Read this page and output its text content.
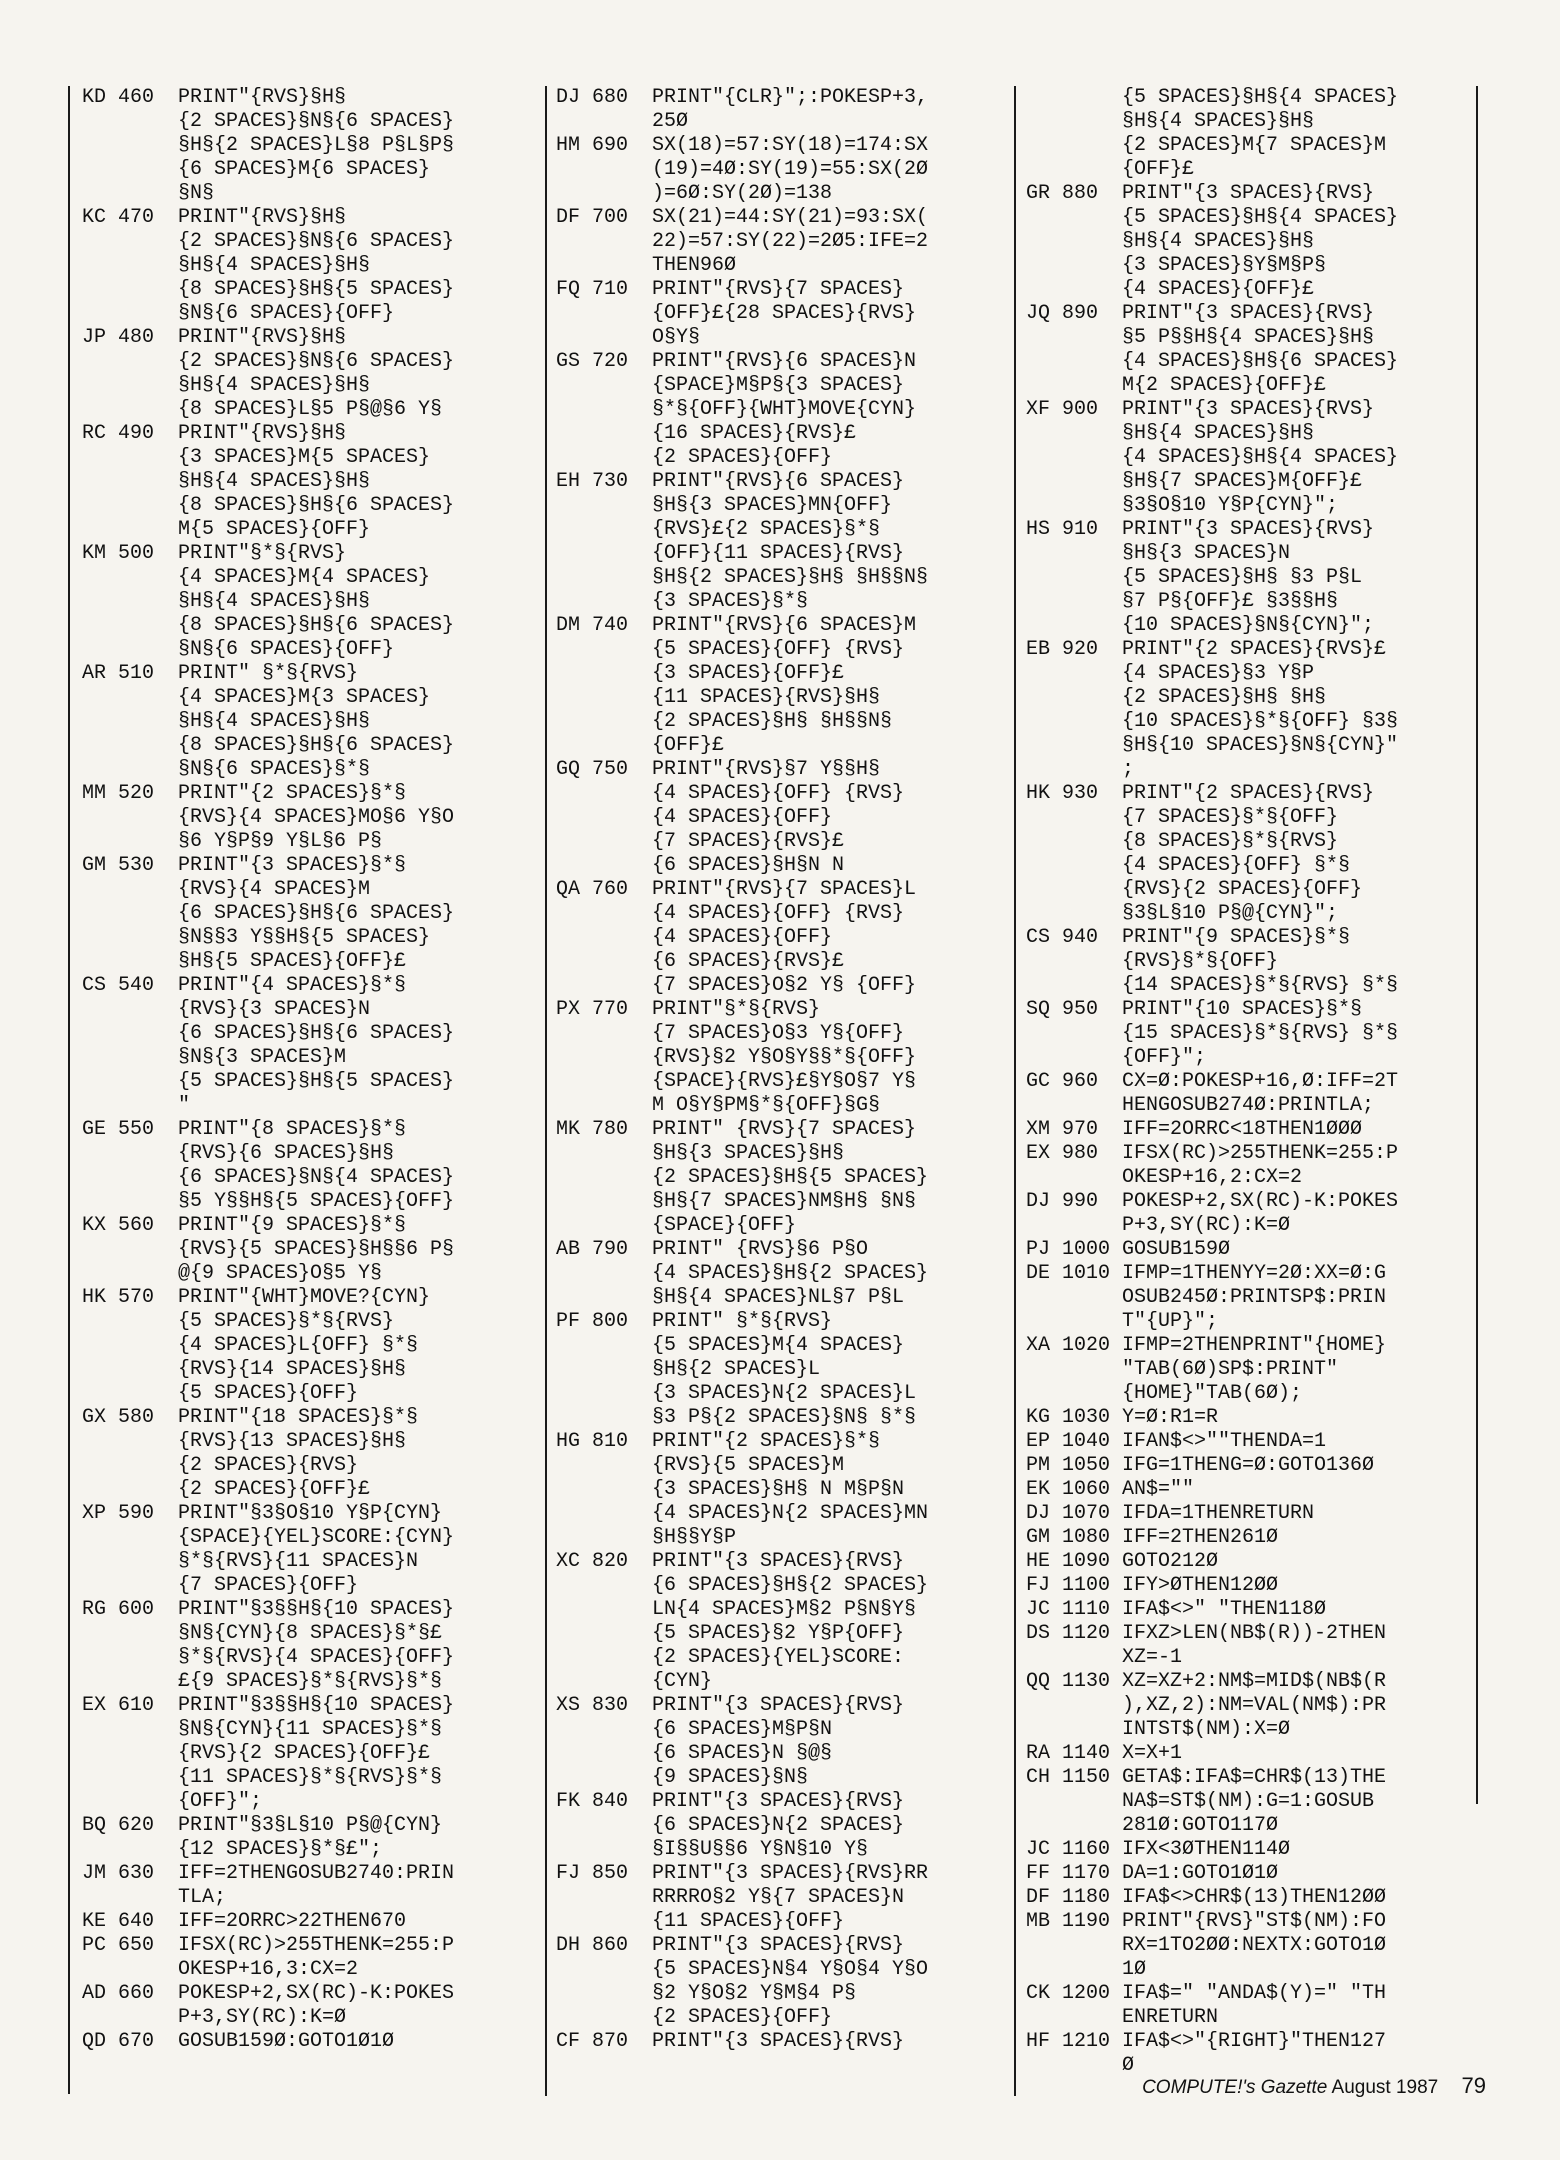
KD 460	PRINT"{RVS}§H§
{2 SPACES}§N§{6 SPACES}
§H§{2 SPACES}L§8 P§L§P§
{6 SPACES}M{6 SPACES}
§N§
KC 470	PRINT"{RVS}§H§
{2 SPACES}§N§{6 SPACES}
§H§{4 SPACES}§H§
{8 SPACES}§H§{5 SPACES}
§N§{6 SPACES}{OFF}
JP 480	PRINT"{RVS}§H§
{2 SPACES}§N§{6 SPACES}
§H§{4 SPACES}§H§
{8 SPACES}L§5 P§@§6 Y§
RC 490	PRINT"{RVS}§H§
{3 SPACES}M{5 SPACES}
§H§{4 SPACES}§H§
{8 SPACES}§H§{6 SPACES}
M{5 SPACES}{OFF}
KM 500	PRINT"§*§{RVS}
{4 SPACES}M{4 SPACES}
§H§{4 SPACES}§H§
{8 SPACES}§H§{6 SPACES}
§N§{6 SPACES}{OFF}
AR 510	PRINT" §*§{RVS}
{4 SPACES}M{3 SPACES}
§H§{4 SPACES}§H§
{8 SPACES}§H§{6 SPACES}
§N§{6 SPACES}§*§
MM 520	PRINT"{2 SPACES}§*§
{RVS}{4 SPACES}MO§6 Y§O
§6 Y§P§9 Y§L§6 P§
GM 530	PRINT"{3 SPACES}§*§
{RVS}{4 SPACES}M
{6 SPACES}§H§{6 SPACES}
§N§§3 Y§§H§{5 SPACES}
§H§{5 SPACES}{OFF}£
CS 540	PRINT"{4 SPACES}§*§
{RVS}{3 SPACES}N
{6 SPACES}§H§{6 SPACES}
§N§{3 SPACES}M
{5 SPACES}§H§{5 SPACES}
"
GE 550	PRINT"{8 SPACES}§*§
{RVS}{6 SPACES}§H§
{6 SPACES}§N§{4 SPACES}
§5 Y§§H§{5 SPACES}{OFF}
KX 560	PRINT"{9 SPACES}§*§
{RVS}{5 SPACES}§H§§6 P§
@{9 SPACES}O§5 Y§
HK 570	PRINT"{WHT}MOVE?{CYN}
{5 SPACES}§*§{RVS}
{4 SPACES}L{OFF} §*§
{RVS}{14 SPACES}§H§
{5 SPACES}{OFF}
GX 580	PRINT"{18 SPACES}§*§
{RVS}{13 SPACES}§H§
{2 SPACES}{RVS}
{2 SPACES}{OFF}£
XP 590	PRINT"§3§O§10 Y§P{CYN}
{SPACE}{YEL}SCORE:{CYN}
§*§{RVS}{11 SPACES}N
{7 SPACES}{OFF}
RG 600	PRINT"§3§§H§{10 SPACES}
§N§{CYN}{8 SPACES}§*§£
§*§{RVS}{4 SPACES}{OFF}
£{9 SPACES}§*§{RVS}§*§
EX 610	PRINT"§3§§H§{10 SPACES}
§N§{CYN}{11 SPACES}§*§
{RVS}{2 SPACES}{OFF}£
{11 SPACES}§*§{RVS}§*§
{OFF}";
BQ 620	PRINT"§3§L§10 P§@{CYN}
{12 SPACES}§*§£";
JM 630	IFF=2THENGOSUB2740:PRIN
TLA;
KE 640	IFF=2ORRC>22THEN670
PC 650	IFSX(RC)>255THENK=255:P
OKESP+16,3:CX=2
AD 660	POKESP+2,SX(RC)-K:POKES
P+3,SY(RC):K=Ø
QD 670	GOSUB159Ø:GOTO1Ø1Ø
DJ 680	PRINT"{CLR}";:POKESP+3,
25Ø
HM 690	SX(18)=57:SY(18)=174:SX
(19)=4Ø:SY(19)=55:SX(2Ø
)=6Ø:SY(2Ø)=138
DF 700	SX(21)=44:SY(21)=93:SX(
22)=57:SY(22)=2Ø5:IFE=2
THEN96Ø
FQ 710	PRINT"{RVS}{7 SPACES}
{OFF}£{28 SPACES}{RVS}
O§Y§
GS 720	PRINT"{RVS}{6 SPACES}N
{SPACE}M§P§{3 SPACES}
§*§{OFF}{WHT}MOVE{CYN}
{16 SPACES}{RVS}£
{2 SPACES}{OFF}
EH 730	PRINT"{RVS}{6 SPACES}
§H§{3 SPACES}MN{OFF}
{RVS}£{2 SPACES}§*§
{OFF}{11 SPACES}{RVS}
§H§{2 SPACES}§H§ §H§§N§
{3 SPACES}§*§
DM 740	PRINT"{RVS}{6 SPACES}M
{5 SPACES}{OFF} {RVS}
{3 SPACES}{OFF}£
{11 SPACES}{RVS}§H§
{2 SPACES}§H§ §H§§N§
{OFF}£
GQ 750	PRINT"{RVS}§7 Y§§H§
{4 SPACES}{OFF} {RVS}
{4 SPACES}{OFF}
{7 SPACES}{RVS}£
{6 SPACES}§H§N N
QA 760	PRINT"{RVS}{7 SPACES}L
{4 SPACES}{OFF} {RVS}
{4 SPACES}{OFF}
{6 SPACES}{RVS}£
{7 SPACES}O§2 Y§ {OFF}
PX 770	PRINT"§*§{RVS}
{7 SPACES}O§3 Y§{OFF}
{RVS}§2 Y§O§Y§§*§{OFF}
{SPACE}{RVS}£§Y§O§7 Y§
M O§Y§PM§*§{OFF}§G§
MK 780	PRINT" {RVS}{7 SPACES}
§H§{3 SPACES}§H§
{2 SPACES}§H§{5 SPACES}
§H§{7 SPACES}NM§H§ §N§
{SPACE}{OFF}
AB 790	PRINT" {RVS}§6 P§O
{4 SPACES}§H§{2 SPACES}
§H§{4 SPACES}NL§7 P§L
PF 800	PRINT" §*§{RVS}
{5 SPACES}M{4 SPACES}
§H§{2 SPACES}L
{3 SPACES}N{2 SPACES}L
§3 P§{2 SPACES}§N§ §*§
HG 810	PRINT"{2 SPACES}§*§
{RVS}{5 SPACES}M
{3 SPACES}§H§ N M§P§N
{4 SPACES}N{2 SPACES}MN
§H§§Y§P
XC 820	PRINT"{3 SPACES}{RVS}
{6 SPACES}§H§{2 SPACES}
LN{4 SPACES}M§2 P§N§Y§
{5 SPACES}§2 Y§P{OFF}
{2 SPACES}{YEL}SCORE:
{CYN}
XS 830	PRINT"{3 SPACES}{RVS}
{6 SPACES}M§P§N
{6 SPACES}N §@§
{9 SPACES}§N§
FK 840	PRINT"{3 SPACES}{RVS}
{6 SPACES}N{2 SPACES}
§I§§U§§6 Y§N§10 Y§
FJ 850	PRINT"{3 SPACES}{RVS}RR
RRRRO§2 Y§{7 SPACES}N
{11 SPACES}{OFF}
DH 860	PRINT"{3 SPACES}{RVS}
{5 SPACES}N§4 Y§O§4 Y§O
§2 Y§O§2 Y§M§4 P§
{2 SPACES}{OFF}
CF 870	PRINT"{3 SPACES}{RVS}
{5 SPACES}§H§{4 SPACES}
§H§{4 SPACES}§H§
{2 SPACES}M{7 SPACES}M
{OFF}£
GR 880	PRINT"{3 SPACES}{RVS}
{5 SPACES}§H§{4 SPACES}
§H§{4 SPACES}§H§
{3 SPACES}§Y§M§P§
{4 SPACES}{OFF}£
JQ 890	PRINT"{3 SPACES}{RVS}
§5 P§§H§{4 SPACES}§H§
{4 SPACES}§H§{6 SPACES}
M{2 SPACES}{OFF}£
XF 900	PRINT"{3 SPACES}{RVS}
§H§{4 SPACES}§H§
{4 SPACES}§H§{4 SPACES}
§H§{7 SPACES}M{OFF}£
§3§O§10 Y§P{CYN}";
HS 910	PRINT"{3 SPACES}{RVS}
§H§{3 SPACES}N
{5 SPACES}§H§ §3 P§L
§7 P§{OFF}£ §3§§H§
{10 SPACES}§N§{CYN}";
EB 920	PRINT"{2 SPACES}{RVS}£
{4 SPACES}§3 Y§P
{2 SPACES}§H§ §H§
{10 SPACES}§*§{OFF} §3§
§H§{10 SPACES}§N§{CYN}"
;
HK 930	PRINT"{2 SPACES}{RVS}
{7 SPACES}§*§{OFF}
{8 SPACES}§*§{RVS}
{4 SPACES}{OFF} §*§
{RVS}{2 SPACES}{OFF}
§3§L§10 P§@{CYN}";
CS 940	PRINT"{9 SPACES}§*§
{RVS}§*§{OFF}
{14 SPACES}§*§{RVS} §*§
SQ 950	PRINT"{10 SPACES}§*§
{15 SPACES}§*§{RVS} §*§
{OFF}";
GC 960	CX=Ø:POKESP+16,Ø:IFF=2T
HENGOSUB274Ø:PRINTLA;
XM 970	IFF=2ORRC<18THEN1ØØØ
EX 980	IFSX(RC)>255THENK=255:P
OKESP+16,2:CX=2
DJ 990	POKESP+2,SX(RC)-K:POKES
P+3,SY(RC):K=Ø
PJ 1000 GOSUB159Ø
DE 1010 IFMP=1THENYY=2Ø:XX=Ø:G
OSUB245Ø:PRINTSP$:PRIN
T"{UP}";
XA 1020 IFMP=2THENPRINT"{HOME}
"TAB(6Ø)SP$:PRINT"
{HOME}"TAB(6Ø);
KG 1030 Y=Ø:R1=R
EP 1040 IFAN$<>""THENDA=1
PM 1050 IFG=1THENG=Ø:GOTO136Ø
EK 1060 AN$=""
DJ 1070 IFDA=1THENRETURN
GM 1080 IFF=2THEN261Ø
HE 1090 GOTO212Ø
FJ 1100 IFY>ØTHEN12ØØ
JC 1110 IFA$<>" "THEN118Ø
DS 1120 IFXZ>LEN(NB$(R))-2THEN
XZ=-1
QQ 1130 XZ=XZ+2:NM$=MID$(NB$(R
),XZ,2):NM=VAL(NM$):PR
INTST$(NM):X=Ø
RA 1140 X=X+1
CH 1150 GETA$:IFA$=CHR$(13)THE
NA$=ST$(NM):G=1:GOSUB
281Ø:GOTO117Ø
JC 1160 IFX<3ØTHEN114Ø
FF 1170 DA=1:GOTO1Ø1Ø
DF 1180 IFA$<>CHR$(13)THEN12ØØ
MB 1190 PRINT"{RVS}"ST$(NM):FO
RX=1TO2ØØ:NEXTX:GOTO1Ø
1Ø
CK 1200 IFA$=" "ANDA$(Y)=" "TH
ENRETURN
HF 1210 IFA$<>"{RIGHT}"THEN127
Ø
COMPUTE!'s Gazette August 1987 79
